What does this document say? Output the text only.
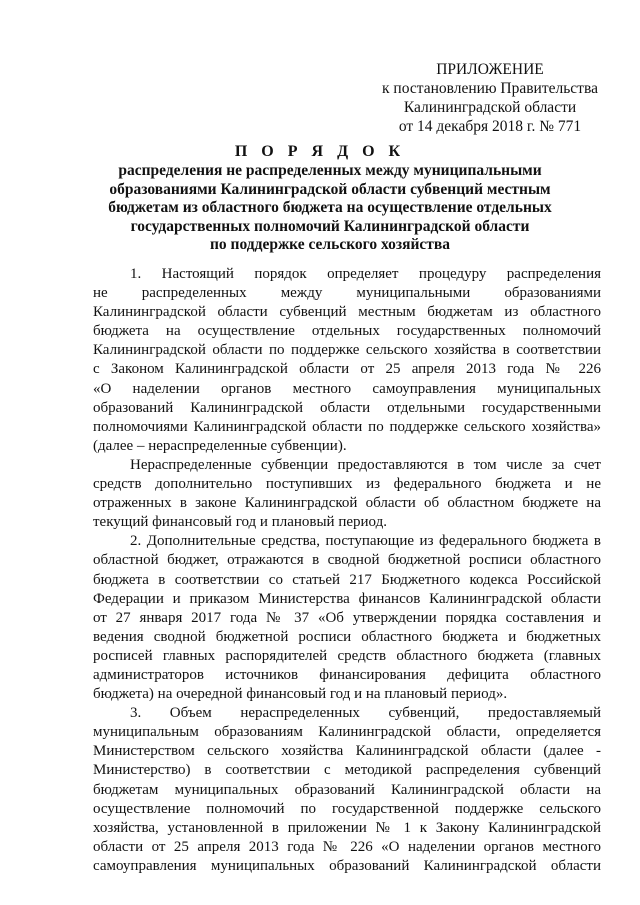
ПРИЛОЖЕНИЕ
к постановлению Правительства
Калининградской области
от 14 декабря 2018 г. № 771
П О Р Я Д О К
распределения не распределенных между муниципальными
образованиями Калининградской области субвенций местным
бюджетам из областного бюджета на осуществление отдельных
государственных полномочий Калининградской области
по поддержке сельского хозяйства
1. Настоящий порядок определяет процедуру распределения
не распределенных между муниципальными образованиями
Калининградской области субвенций местным бюджетам из областного
бюджета на осуществление отдельных государственных полномочий
Калининградской области по поддержке сельского хозяйства в соответствии
с Законом Калининградской области от 25 апреля 2013 года № 226
«О наделении органов местного самоуправления муниципальных
образований Калининградской области отдельными государственными
полномочиями Калининградской области по поддержке сельского хозяйства»
(далее – нераспределенные субвенции).
Нераспределенные субвенции предоставляются в том числе за счет
средств дополнительно поступивших из федерального бюджета и не
отраженных в законе Калининградской области об областном бюджете на
текущий финансовый год и плановый период.
2. Дополнительные средства, поступающие из федерального бюджета в
областной бюджет, отражаются в сводной бюджетной росписи областного
бюджета в соответствии со статьей 217 Бюджетного кодекса Российской
Федерации и приказом Министерства финансов Калининградской области
от 27 января 2017 года № 37 «Об утверждении порядка составления и
ведения сводной бюджетной росписи областного бюджета и бюджетных
росписей главных распорядителей средств областного бюджета (главных
администраторов источников финансирования дефицита областного
бюджета) на очередной финансовый год и на плановый период».
3. Объем нераспределенных субвенций, предоставляемый
муниципальным образованиям Калининградской области, определяется
Министерством сельского хозяйства Калининградской области (далее -
Министерство) в соответствии с методикой распределения субвенций
бюджетам муниципальных образований Калининградской области на
осуществление полномочий по государственной поддержке сельского
хозяйства, установленной в приложении № 1 к Закону Калининградской
области от 25 апреля 2013 года № 226 «О наделении органов местного
самоуправления муниципальных образований Калининградской области
